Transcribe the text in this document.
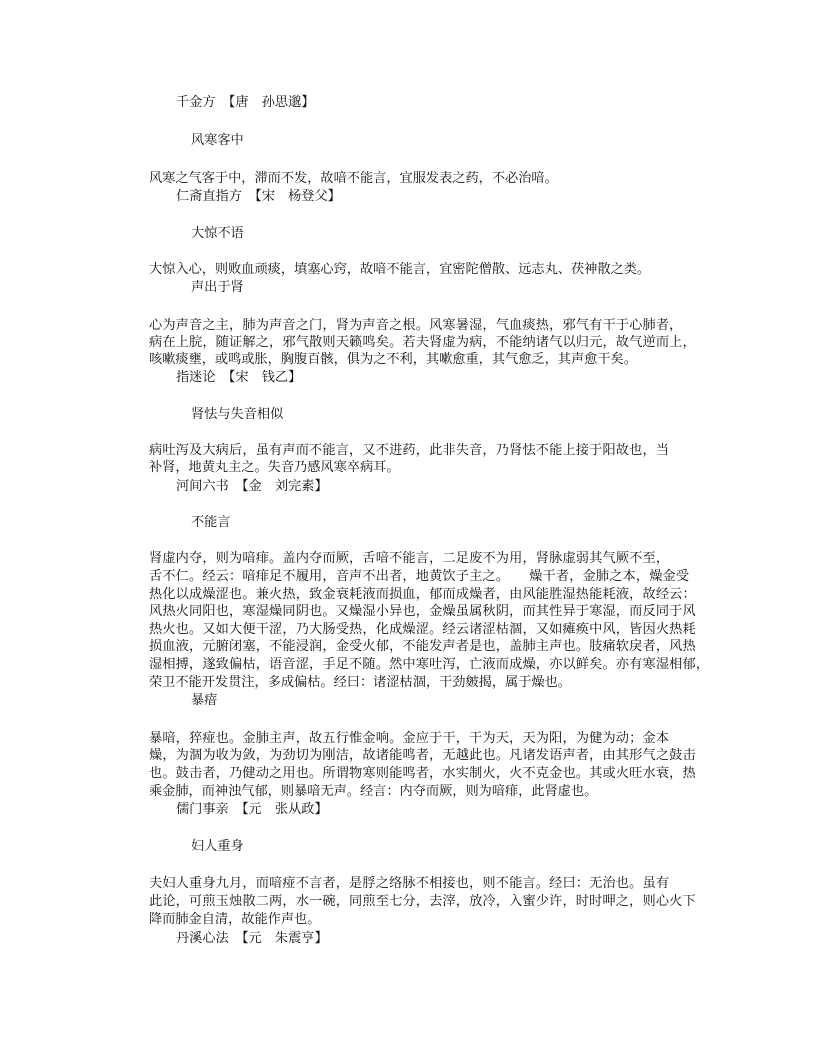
千金方　【唐　孙思邈】
风寒客中
风寒之气客于中，滞而不发，故喑不能言，宜服发表之药，不必治喑。
仁斋直指方　【宋　杨登父】
大惊不语
大惊入心，则败血顽痰，填塞心窍，故喑不能言，宜密陀僧散、远志丸、茯神散之类。
声出于肾
心为声音之主，肺为声音之门，肾为声音之根。风寒暑湿，气血痰热，邪气有干于心肺者，
病在上脘，随证解之，邪气散则天籁鸣矣。若夫肾虚为病，不能纳诸气以归元，故气逆而上，
咳嗽痰壅，或鸣或胀，胸腹百骸，俱为之不利，其嗽愈重，其气愈乏，其声愈干矣。
指迷论　【宋　钱乙】
肾怯与失音相似
病吐泻及大病后，虽有声而不能言，又不进药，此非失音，乃肾怯不能上接于阳故也，当
补肾，地黄丸主之。失音乃感风寒卒病耳。
河间六书　【金　刘完素】
不能言
肾虚内夺，则为喑痱。盖内夺而厥，舌喑不能言，二足废不为用，肾脉虚弱其气厥不至，
舌不仁。经云：喑痱足不履用，音声不出者，地黄饮子主之。　　燥干者，金肺之本，燥金受
热化以成燥涩也。兼火热，致金衰耗液而损血，郁而成燥者，由风能胜湿热能耗液，故经云：
风热火同阳也，寒湿燥同阴也。又燥湿小异也，金燥虽属秋阴，而其性异于寒湿，而反同于风
热火也。又如大便干涩，乃大肠受热，化成燥涩。经云诸涩枯涸，又如瘫痪中风，皆因火热耗
损血液，元腑闭塞，不能浸润，金受火郁，不能发声者是也，盖肺主声也。肢痛软戾者，风热
湿相搏，遂致偏枯，语音涩，手足不随。然中寒吐泻，亡液而成燥，亦以鲜矣。亦有寒湿相郁，
荣卫不能开发贯注，多成偏枯。经曰：诸涩枯涸，干劲皴揭，属于燥也。
暴瘖
暴喑，猝痖也。金肺主声，故五行惟金响。金应于干，干为天，天为阳，为健为动；金本
燥，为涸为收为敛，为劲切为刚洁，故诸能鸣者，无越此也。凡诸发语声者，由其形气之鼓击
也。鼓击者，乃健动之用也。所谓物寒则能鸣者，水实制火，火不克金也。其或火旺水衰，热
乘金肺，而神浊气郁，则暴喑无声。经言：内夺而厥，则为喑痱，此肾虚也。
儒门事亲　【元　张从政】
妇人重身
夫妇人重身九月，而喑痖不言者，是脬之络脉不相接也，则不能言。经曰：无治也。虽有
此论，可煎玉烛散二两，水一碗，同煎至七分，去滓，放冷，入蜜少许，时时呷之，则心火下
降而肺金自清，故能作声也。
丹溪心法　【元　朱震亨】
